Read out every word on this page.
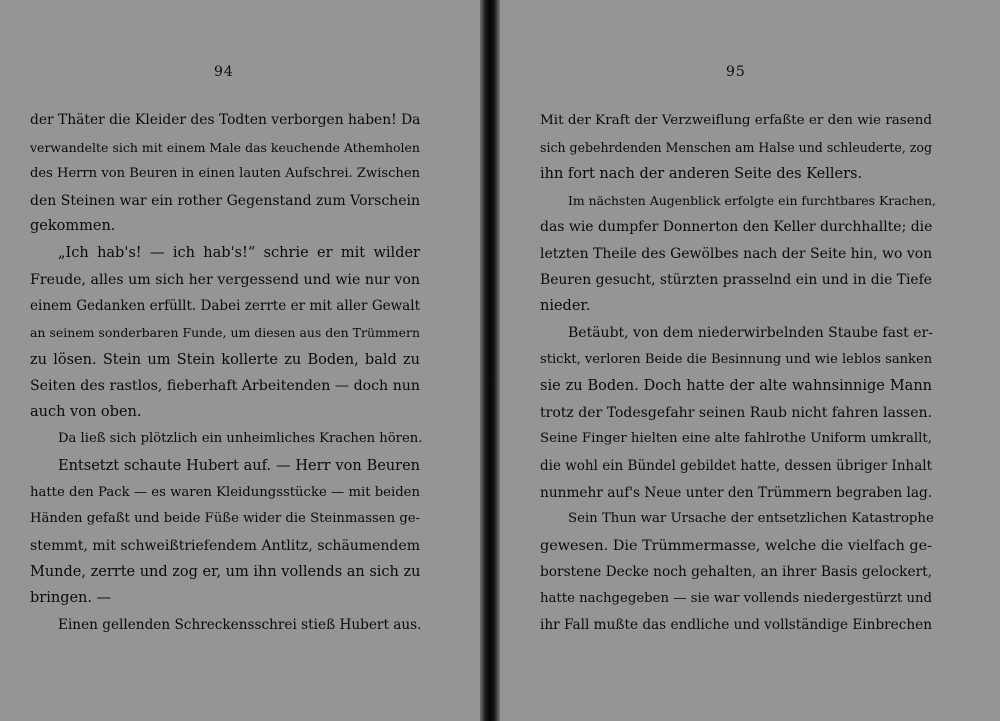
94
der Thäter die Kleider des Todten verborgen haben! Da
verwandelte sich mit einem Male das keuchende Athemholen
des Herrn von Beuren in einen lauten Aufschrei. Zwischen
den Steinen war ein rother Gegenstand zum Vorschein
gekommen.
„Ich hab's! — ich hab's!“ schrie er mit wilder
Freude, alles um sich her vergessend und wie nur von
einem Gedanken erfüllt. Dabei zerrte er mit aller Gewalt
an seinem sonderbaren Funde, um diesen aus den Trümmern
zu lösen. Stein um Stein kollerte zu Boden, bald zu
Seiten des rastlos, fieberhaft Arbeitenden — doch nun
auch von oben.
Da ließ sich plötzlich ein unheimliches Krachen hören.
Entsetzt schaute Hubert auf. — Herr von Beuren
hatte den Pack — es waren Kleidungsstücke — mit beiden
Händen gefaßt und beide Füße wider die Steinmassen ge-
stemmt, mit schweißtriefendem Antlitz, schäumendem
Munde, zerrte und zog er, um ihn vollends an sich zu
bringen. —
Einen gellenden Schreckensschrei stieß Hubert aus.
95
Mit der Kraft der Verzweiflung erfaßte er den wie rasend
sich gebehrdenden Menschen am Halse und schleuderte, zog
ihn fort nach der anderen Seite des Kellers.
Im nächsten Augenblick erfolgte ein furchtbares Krachen,
das wie dumpfer Donnerton den Keller durchhallte; die
letzten Theile des Gewölbes nach der Seite hin, wo von
Beuren gesucht, stürzten prasselnd ein und in die Tiefe
nieder.
Betäubt, von dem niederwirbelnden Staube fast er-
stickt, verloren Beide die Besinnung und wie leblos sanken
sie zu Boden. Doch hatte der alte wahnsinnige Mann
trotz der Todesgefahr seinen Raub nicht fahren lassen.
Seine Finger hielten eine alte fahlrothe Uniform umkrallt,
die wohl ein Bündel gebildet hatte, dessen übriger Inhalt
nunmehr auf's Neue unter den Trümmern begraben lag.
Sein Thun war Ursache der entsetzlichen Katastrophe
gewesen. Die Trümmermasse, welche die vielfach ge-
borstene Decke noch gehalten, an ihrer Basis gelockert,
hatte nachgegeben — sie war vollends niedergestürzt und
ihr Fall mußte das endliche und vollständige Einbrechen
